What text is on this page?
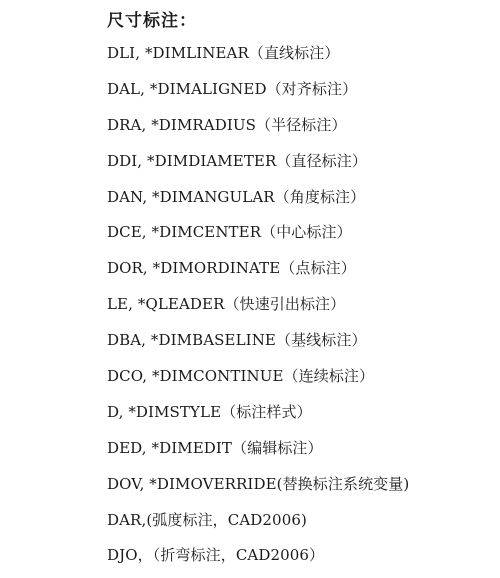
尺寸标注：
DLI, *DIMLINEAR（直线标注）
DAL, *DIMALIGNED（对齐标注）
DRA, *DIMRADIUS（半径标注）
DDI, *DIMDIAMETER（直径标注）
DAN, *DIMANGULAR（角度标注）
DCE, *DIMCENTER（中心标注）
DOR, *DIMORDINATE（点标注）
LE, *QLEADER（快速引出标注）
DBA, *DIMBASELINE（基线标注）
DCO, *DIMCONTINUE（连续标注）
D, *DIMSTYLE（标注样式）
DED, *DIMEDIT（编辑标注）
DOV, *DIMOVERRIDE(替换标注系统变量)
DAR,(弧度标注，CAD2006)
DJO，（折弯标注，CAD2006）
